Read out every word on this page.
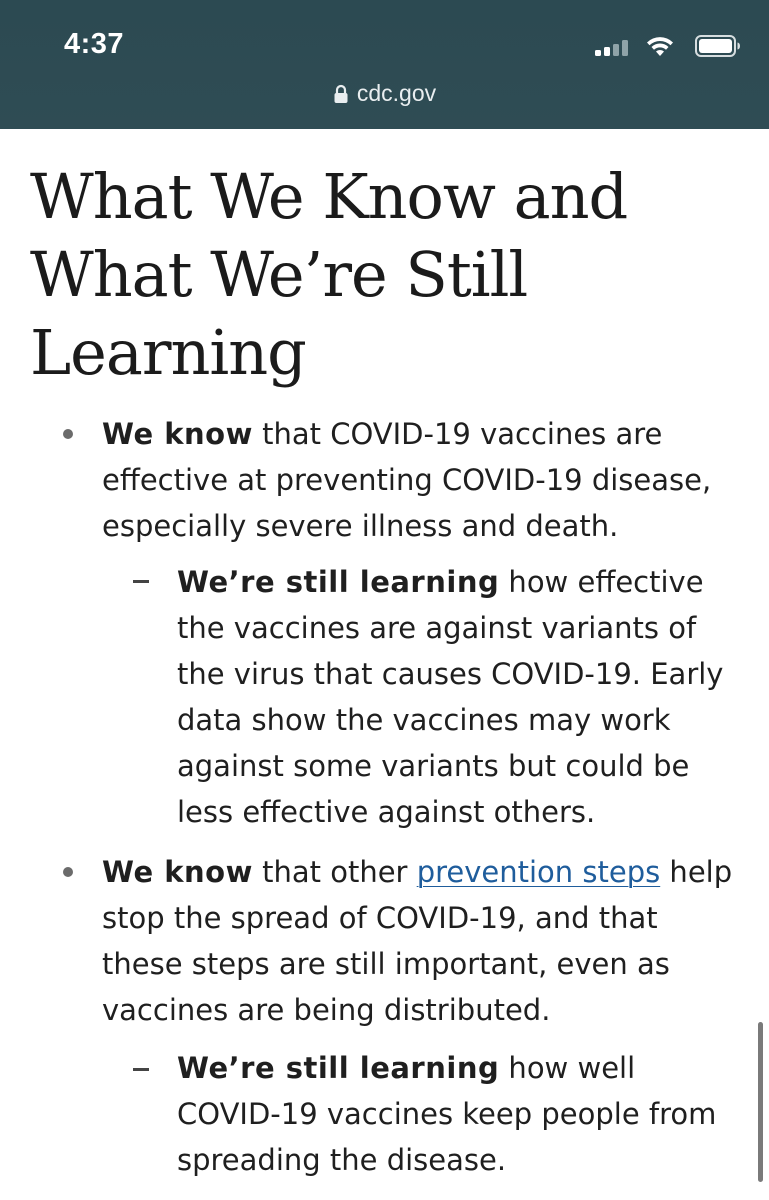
4:37
cdc.gov
What We Know and What We’re Still Learning

We know that COVID-19 vaccines are effective at preventing COVID-19 disease, especially severe illness and death.

We’re still learning how effective the vaccines are against variants of the virus that causes COVID-19. Early data show the vaccines may work against some variants but could be less effective against others.

We know that other prevention steps help stop the spread of COVID-19, and that these steps are still important, even as vaccines are being distributed.

We’re still learning how well COVID-19 vaccines keep people from spreading the disease.
